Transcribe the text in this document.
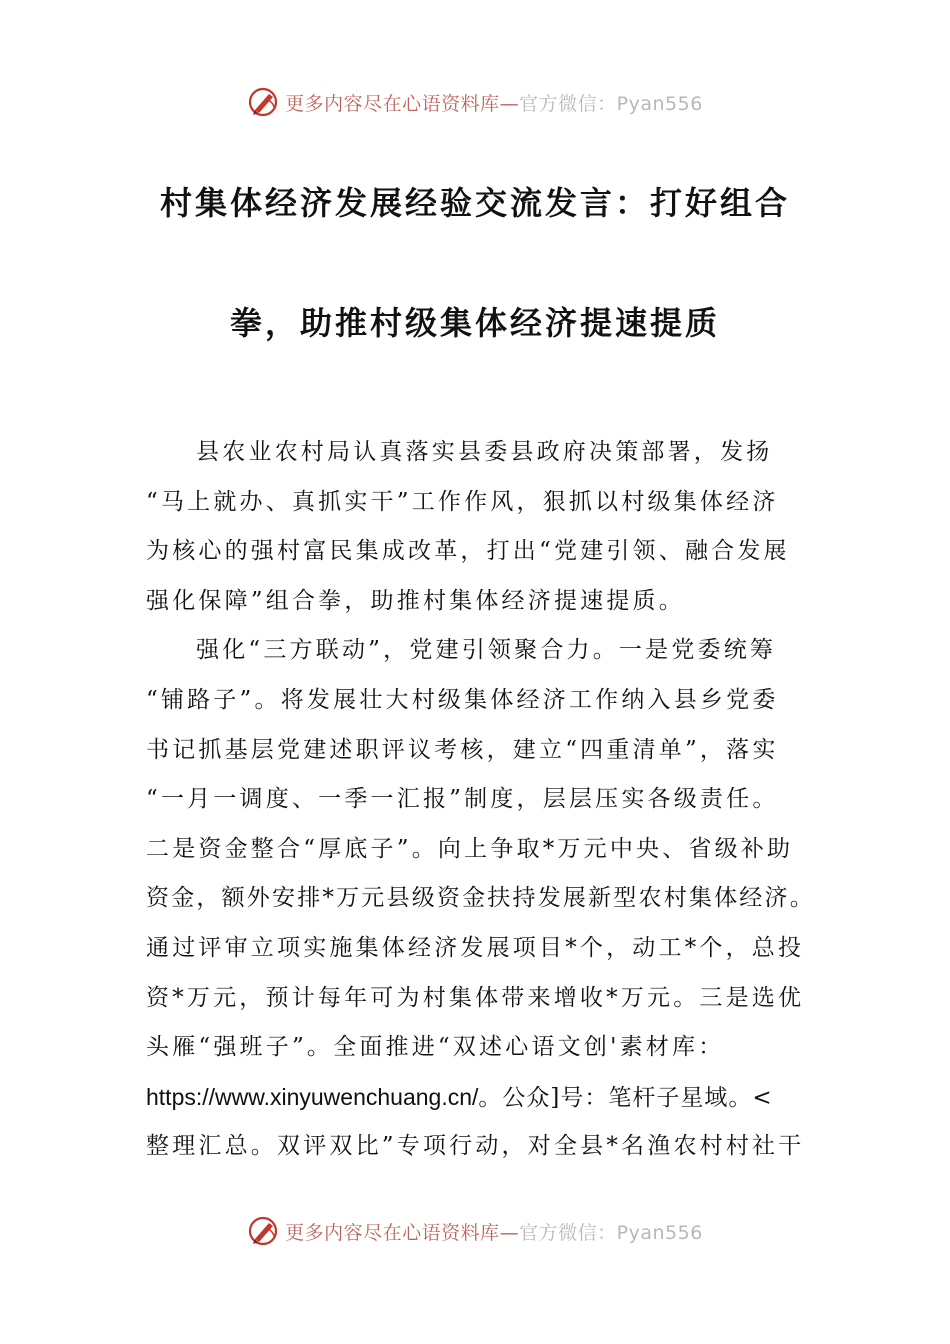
更多内容尽在心语资料库—官方微信：Pyan556
村集体经济发展经验交流发言：打好组合
拳，助推村级集体经济提速提质
县农业农村局认真落实县委县政府决策部署，发扬
“马上就办、真抓实干”工作作风，狠抓以村级集体经济
为核心的强村富民集成改革，打出“党建引领、融合发展
强化保障”组合拳，助推村集体经济提速提质。
强化“三方联动”，党建引领聚合力。一是党委统筹
“铺路子”。将发展壮大村级集体经济工作纳入县乡党委
书记抓基层党建述职评议考核，建立“四重清单”，落实
“一月一调度、一季一汇报”制度，层层压实各级责任。
二是资金整合“厚底子”。向上争取*万元中央、省级补助
资金，额外安排*万元县级资金扶持发展新型农村集体经济。
通过评审立项实施集体经济发展项目*个，动工*个，总投
资*万元，预计每年可为村集体带来增收*万元。三是选优
头雁“强班子”。全面推进“双述心语文创'素材库：
https://www.xinyuwenchuang.cn/。公众]号：笔杆子星域。<
整理汇总。双评双比”专项行动，对全县*名渔农村村社干
更多内容尽在心语资料库—官方微信：Pyan556
